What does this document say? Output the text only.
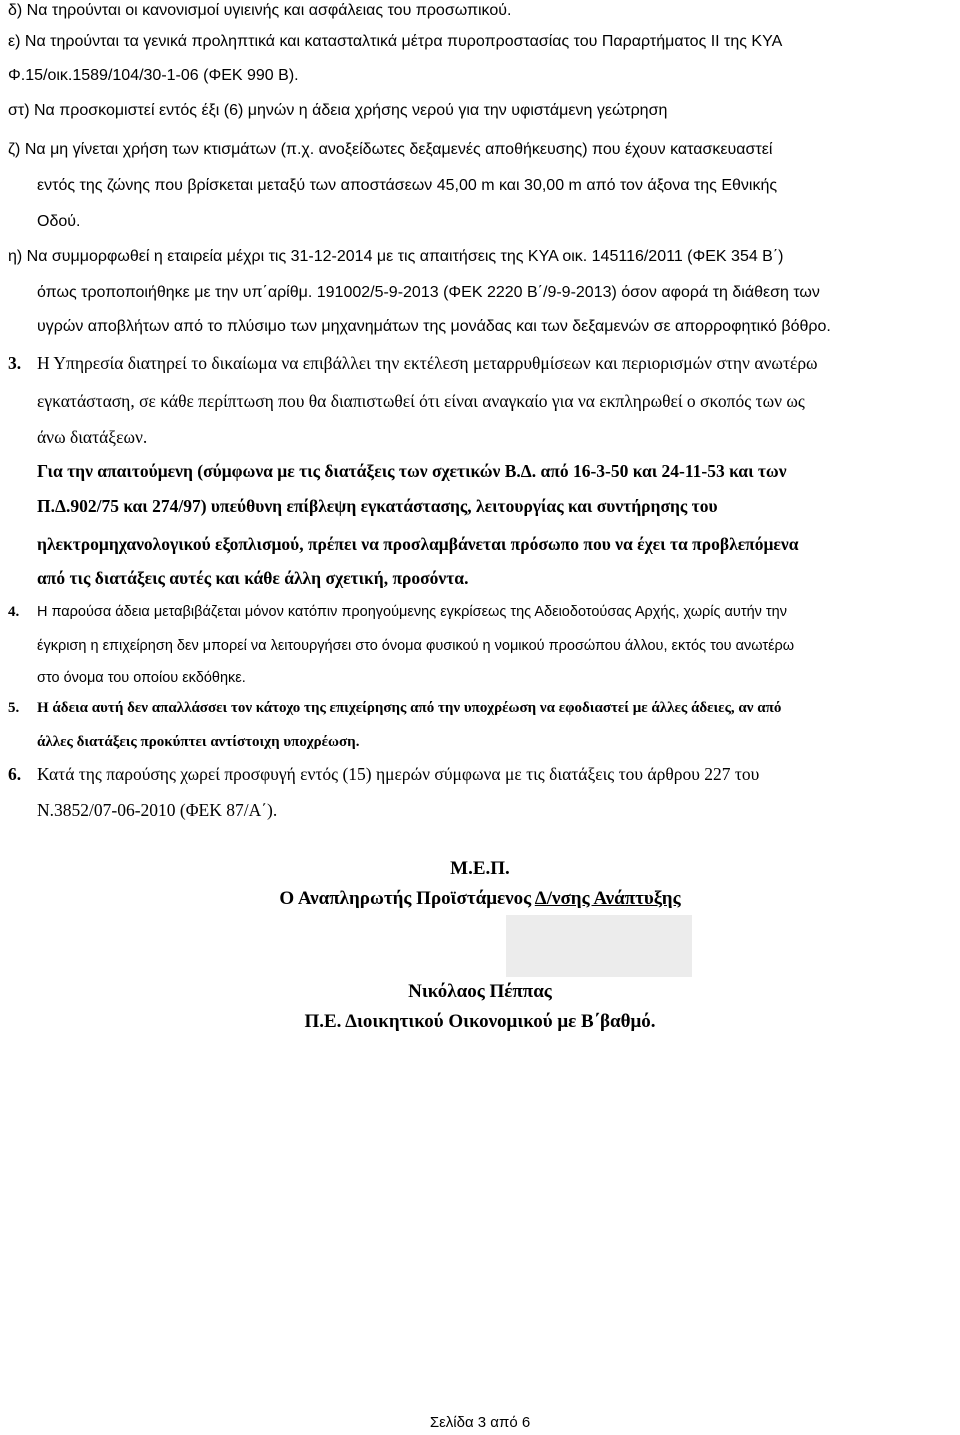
δ) Να τηρούνται οι κανονισμοί υγιεινής και ασφάλειας του προσωπικού.
ε) Να τηρούνται τα γενικά προληπτικά και κατασταλτικά μέτρα πυροπροστασίας του Παραρτήματος ΙΙ της ΚΥΑ
Φ.15/οικ.1589/104/30-1-06 (ΦΕΚ 990 Β).
στ) Να προσκομιστεί εντός έξι (6) μηνών η άδεια χρήσης νερού για την υφιστάμενη γεώτρηση
ζ) Να μη γίνεται χρήση των κτισμάτων (π.χ. ανοξείδωτες δεξαμενές αποθήκευσης) που έχουν κατασκευαστεί
εντός της ζώνης που βρίσκεται μεταξύ των αποστάσεων 45,00 m και 30,00 m από τον άξονα της Εθνικής
Οδού.
η) Να συμμορφωθεί η εταιρεία μέχρι τις 31-12-2014 με τις απαιτήσεις της ΚΥΑ οικ. 145116/2011 (ΦΕΚ 354 Β΄)
όπως τροποποιήθηκε με την υπ΄αρίθμ. 191002/5-9-2013 (ΦΕΚ 2220 Β΄/9-9-2013) όσον αφορά τη διάθεση των
υγρών αποβλήτων από το πλύσιμο των μηχανημάτων της μονάδας και των δεξαμενών σε απορροφητικό βόθρο.
3. Η Υπηρεσία διατηρεί το δικαίωμα να επιβάλλει την εκτέλεση μεταρρυθμίσεων και περιορισμών στην ανωτέρω
εγκατάσταση, σε κάθε περίπτωση που θα διαπιστωθεί ότι είναι αναγκαίο για να εκπληρωθεί ο σκοπός των ως
άνω διατάξεων.
Για την απαιτούμενη (σύμφωνα με τις διατάξεις των σχετικών Β.Δ. από 16-3-50 και 24-11-53 και των
Π.Δ.902/75 και 274/97) υπεύθυνη επίβλεψη εγκατάστασης, λειτουργίας και συντήρησης του
ηλεκτρομηχανολογικού εξοπλισμού, πρέπει να προσλαμβάνεται πρόσωπο που να έχει τα προβλεπόμενα
από τις διατάξεις αυτές και κάθε άλλη σχετική, προσόντα.
4. Η παρούσα άδεια μεταβιβάζεται μόνον κατόπιν προηγούμενης εγκρίσεως της Αδειοδοτούσας Αρχής, χωρίς αυτήν την
έγκριση η επιχείρηση δεν μπορεί να λειτουργήσει στο όνομα φυσικού η νομικού προσώπου άλλου, εκτός του ανωτέρω
στο όνομα του οποίου εκδόθηκε.
5. Η άδεια αυτή δεν απαλλάσσει τον κάτοχο της επιχείρησης από την υποχρέωση να εφοδιαστεί με άλλες άδειες, αν από
άλλες διατάξεις προκύπτει αντίστοιχη υποχρέωση.
6. Κατά της παρούσης χωρεί προσφυγή εντός (15) ημερών σύμφωνα με τις διατάξεις του άρθρου 227 του
Ν.3852/07-06-2010 (ΦΕΚ 87/Α΄).
Μ.Ε.Π.
Ο Αναπληρωτής Προϊστάμενος Δ/νσης Ανάπτυξης
Νικόλαος Πέππας
Π.Ε. Διοικητικού Οικονομικού με Β΄βαθμό.
Σελίδα 3 από 6
